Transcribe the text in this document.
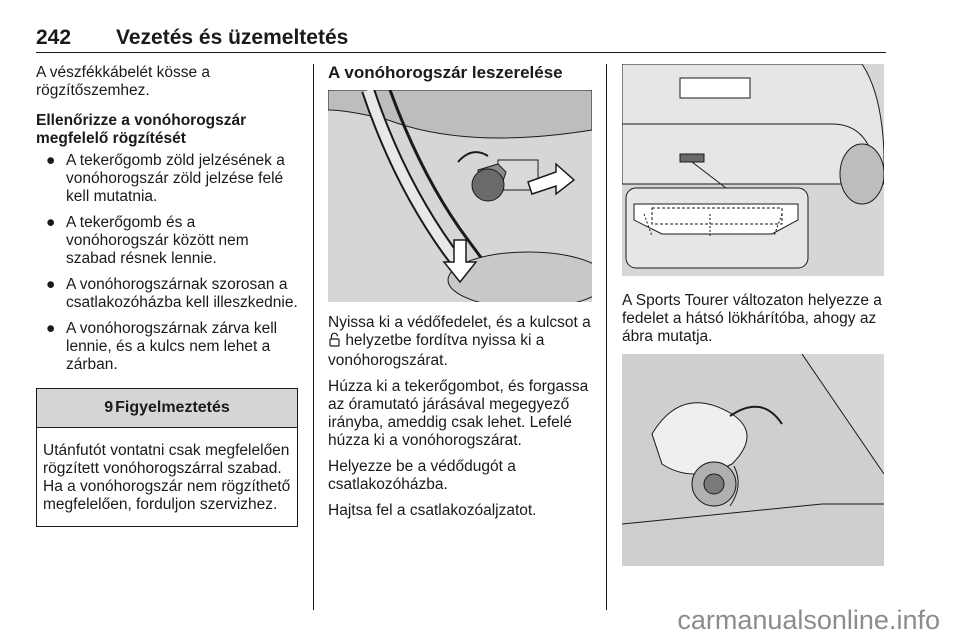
242 Vezetés és üzemeltetés

A vészfékkábelét kösse a rögzítőszemhez.

Ellenőrizze a vonóhorogszár megfelelő rögzítését
● A tekerőgomb zöld jelzésének a vonóhorogszár zöld jelzése felé kell mutatnia.
● A tekerőgomb és a vonóhorogszár között nem szabad résnek lennie.
● A vonóhorogszárnak szorosan a csatlakozóházba kell illeszkednie.
● A vonóhorogszárnak zárva kell lennie, és a kulcs nem lehet a zárban.
9 Figyelmeztetés
Utánfutót vontatni csak megfelelően rögzített vonóhorogszárral szabad. Ha a vonóhorogszár nem rögzíthető megfelelően, forduljon szervizhez.
A vonóhorogszár leszerelése

Nyissa ki a védőfedelet, és a kulcsot a  helyzetbe fordítva nyissa ki a vonóhorogszárat.

Húzza ki a tekerőgombot, és forgassa az óramutató járásával megegyező irányba, ameddig csak lehet. Lefelé húzza ki a vonóhorogszárat.

Helyezze be a védődugót a csatlakozóházba.

Hajtsa fel a csatlakozóaljzatot.

A Sports Tourer változaton helyezze a fedelet a hátsó lökhárítóba, ahogy az ábra mutatja.

carmanualsonline.info
